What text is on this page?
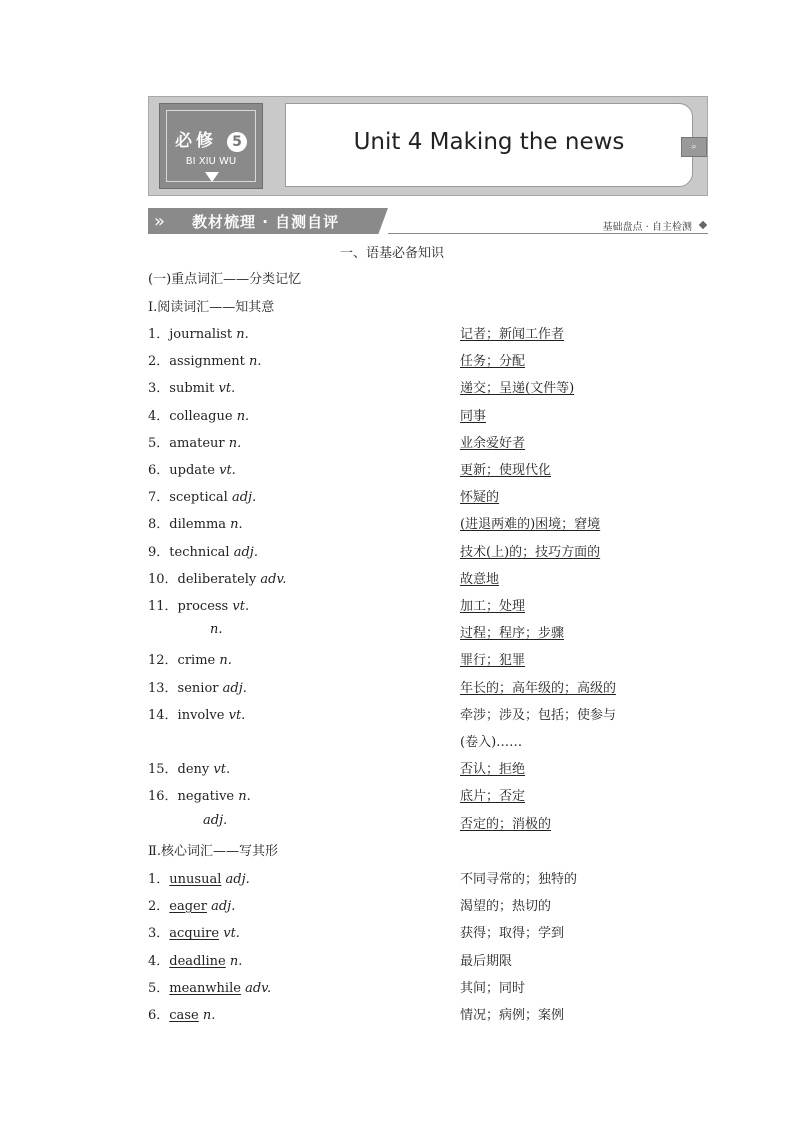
必修 5
BI XIU WU
Unit 4 Making the news	⌕
» 教材梳理 · 自测自评	基础盘点 · 自主检测
一、语基必备知识
(一)重点词汇——分类记忆
Ⅰ.阅读词汇——知其意
1．journalist n.	记者；新闻工作者
2．assignment n.	任务；分配
3．submit vt.	递交；呈递(文件等)
4．colleague n.	同事
5．amateur n.	业余爱好者
6．update vt.	更新；使现代化
7．sceptical adj.	怀疑的
8．dilemma n.	(进退两难的)困境；窘境
9．technical adj.	技术(上)的；技巧方面的
10．deliberately adv.	故意地
11．process vt.	加工；处理
n.	过程；程序；步骤
12．crime n.	罪行；犯罪
13．senior adj.	年长的；高年级的；高级的
14．involve vt.	牵涉；涉及；包括；使参与
(卷入)……
15．deny vt.	否认；拒绝
16．negative n.	底片；否定
adj.	否定的；消极的
Ⅱ.核心词汇——写其形
1．unusual adj.	不同寻常的；独特的
2．eager adj.	渴望的；热切的
3．acquire vt.	获得；取得；学到
4．deadline n.	最后期限
5．meanwhile adv.	其间；同时
6．case n.	情况；病例；案例
